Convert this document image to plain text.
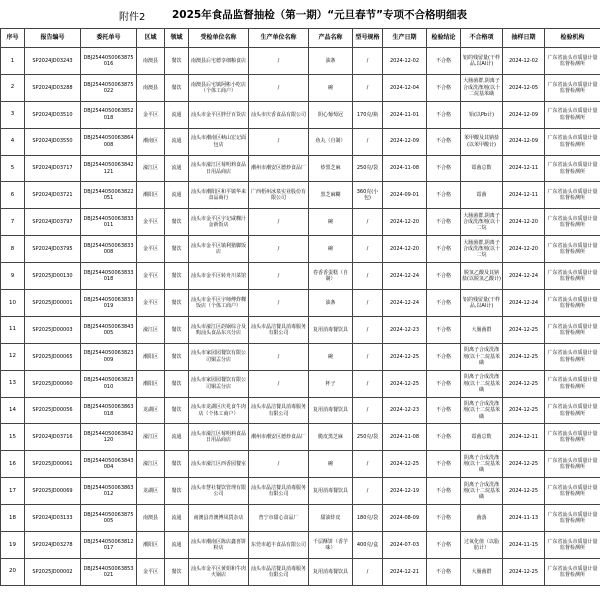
附件2	2025年食品监督抽检（第一期）“元旦春节”专项不合格明细表
序号	报告编号	委托单号	区域	领域	受检单位名称	生产单位名称	产品名称	型号规格	生产日期	检验结论	不合格项	抽样日期	检验机构
1	SP2024JD03243	DBJ2544050063875016	南澳县	餐饮	南澳县后宅德享细粮食店	/	油条	/	2024-12-02	不合格	铝的残留量(干样品,以Al计)	2024-12-02	广东省汕头市质量计量监督检测所
2	SP2024JD03288	DBJ2544050063875022	南澳县	餐饮	南澳县后宅镇阿彬小吃店（个体工商户）	/	碗	/	2024-12-04	不合格	大肠菌群,阴离子合成洗涤剂(以十二烷基苯磺	2024-12-05	广东省汕头市质量计量监督检测所
3	SP2024JD03510	DBJ2544050063852018	金平区	流通	汕头市金平区胖仔百货店	汕头市庆香食品有限公司	阴心葡萄冠	170克/瓶	2024-11-01	不合格	铅(以Pb计)	2024-12-09	广东省汕头市质量计量监督检测所
4	SP2024JD03550	DBJ2544050063864008	潮南区	流通	汕头市潮南区峡山宏记面包店	/	鱼丸（自制）	/	2024-12-09	不合格	苯甲酸及其钠盐(以苯甲酸计)	2024-12-09	广东省汕头市质量计量监督检测所
5	SP2024JD03717	DBJ2544050063842121	濠江区	流通	汕头市濠江区莓明莉食品日用品商店	潮州市潮安区德炒食品厂	炒黑芝麻	250克/袋	2024-11-08	不合格	霉菌总数	2024-12-11	广东省汕头市质量计量监督检测所
6	SP2024JD03721	DBJ2544050063822051	潮阳区	流通	汕头市潮阳区和平镇华来食品商行	广西梧州冰泉实业股份有限公司	黑芝麻糊	360克(小包)	2024-09-01	不合格	霉菌	2024-12-11	广东省汕头市质量计量监督检测所
7	SP2024JD03797	DBJ2544050063833011	金平区	餐饮	汕头市金平区宇记咸粿汁金新饭店	/	碗	/	2024-12-20	不合格	大肠菌群,阴离子合成洗涤剂(以十二烷	2024-12-20	广东省汕头市质量计量监督检测所
8	SP2024JD03795	DBJ2544050063833008	金平区	餐饮	汕头市金平区镇利猪脚饭店	/	碗	/	2024-12-20	不合格	大肠菌群,阴离子合成洗涤剂(以十二烷	2024-12-20	广东省汕头市质量计量监督检测所
9	SP2025JD00130	DBJ2544050063833018	金平区	餐饮	汕头市金平区转舟川菜馆	/	卷香香蛋糕（自制）	/	2024-12-24	不合格	脱氢乙酸及其钠盐(以脱氢乙酸计)	2024-12-24	广东省汕头市质量计量监督检测所
10	SP2025JD00001	DBJ2544050063833019	金平区	餐饮	汕头市金平区宇师傅炸粿饭店（个体工商户）	/	油条	/	2024-12-24	不合格	铝的残留量(干样品,以Al计)	2024-12-24	广东省汕头市质量计量监督检测所
11	SP2025JD00003	DBJ2544050063843005	濠江区	餐饮	汕头市濠江区韵锅综合及购汕头食品东兴分店	汕头市晶洁餐具消毒服务有限公司	复用消毒餐饮具	/	2024-12-23	不合格	大肠菌群	2024-12-25	广东省汕头市质量计量监督检测所
12	SP2025JD00065	DBJ2544050063823009	潮阳区	餐饮	汕头市家园园餐饮有限公司铜盂分店	/	碗	/	2024-12-25	不合格	阴离子合成洗涤剂(以十二烷基苯磺	2024-12-25	广东省汕头市质量计量监督检测所
13	SP2025JD00060	DBJ2544050063823010	潮阳区	餐饮	汕头市家园园餐饮有限公司铜盂分店	/	杯子	/	2024-12-25	不合格	阴离子合成洗涤剂(以十二烷基苯磺	2024-12-25	广东省汕头市质量计量监督检测所
14	SP2025JD00056	DBJ2544050063863018	龙湖区	餐饮	汕头市龙湖区庆兆食牛肉店（个体工商户）	汕头市晶洁餐具消毒服务有限公司	复用消毒餐饮具	/	2024-12-23	不合格	阴离子合成洗涤剂(以十二烷基苯磺	2024-12-25	广东省汕头市质量计量监督检测所
15	SP2024JD03716	DBJ2544050063842120	濠江区	流通	汕头市濠江区莓明莉食品日用品商店	潮州市潮安区德炒食品厂	脆皮黑芝麻	250克/袋	2024-11-08	不合格	霉菌总数	2024-12-11	广东省汕头市质量计量监督检测所
16	SP2025JD00061	DBJ2544050063843004	濠江区	餐饮	汕头市濠江区西香园餐室	/	碗	/	2024-12-25	不合格	阴离子合成洗涤剂(以十二烷基苯磺	2024-12-25	广东省汕头市质量计量监督检测所
17	SP2025JD00069	DBJ2544050063863012	龙湖区	餐饮	汕头市慧社餐饮管理有限公司	汕头市晶洁餐具消毒服务有限公司	复用消毒餐饮具	/	2024-12-19	不合格	阴离子合成洗涤剂(以十二烷基苯磺	2024-12-25	广东省汕头市质量计量监督检测所
18	SP2024JD03133	DBJ2544050063875005	南澳县	流通	南澳县青澳博凤貨杂店	普宁市甜心食品厂	甜油炸皮	180克/袋	2024-08-09	不合格	菌落	2024-11-13	广东省汕头市质量计量监督检测所
19	SP2024JD03278	DBJ2544050063812017	潮阳区	流通	汕头市潮南区陈店鑫喜饼粉店	东莞市超丰食品有限公司	千层酥饼（香芋味）	400克/盒	2024-07-03	不合格	过氧化值（以脂肪计）	2024-11-15	广东省汕头市质量计量监督检测所
20	SP2025JD00002	DBJ2544050063853021	金平区	餐饮	汕头市金平区黄姐和牛肉火锅店	汕头市晶洁餐具消毒服务有限公司	复用消毒餐饮具	/	2024-12-21	不合格	大肠菌群	2024-12-25	广东省汕头市质量计量监督检测所
